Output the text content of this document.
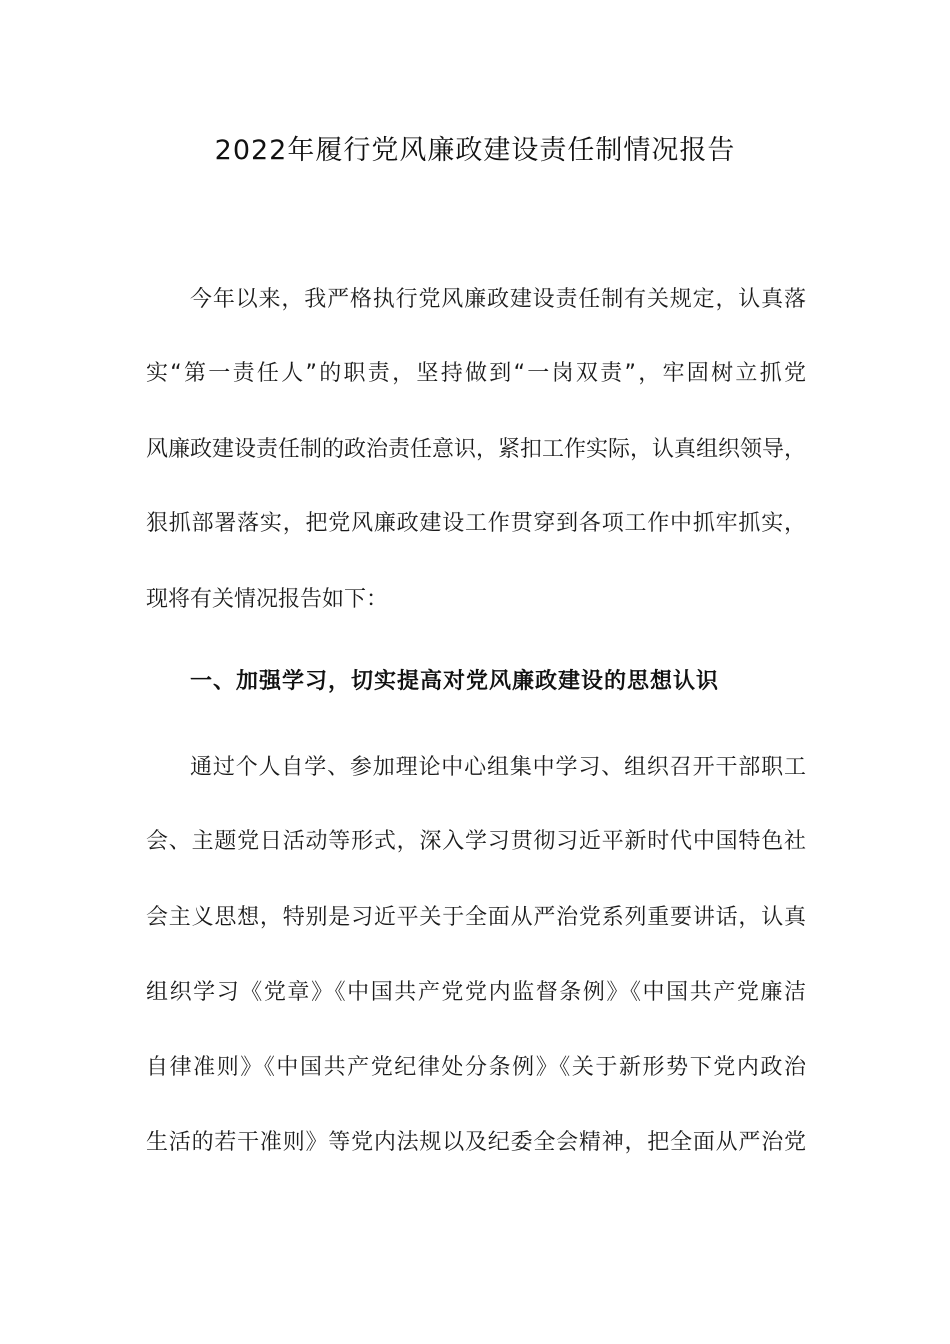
2022年履行党风廉政建设责任制情况报告
今年以来，我严格执行党风廉政建设责任制有关规定，认真落
实“第一责任人”的职责，坚持做到“一岗双责”，牢固树立抓党
风廉政建设责任制的政治责任意识，紧扣工作实际，认真组织领导，
狠抓部署落实，把党风廉政建设工作贯穿到各项工作中抓牢抓实，
现将有关情况报告如下：
一、加强学习，切实提高对党风廉政建设的思想认识
通过个人自学、参加理论中心组集中学习、组织召开干部职工
会、主题党日活动等形式，深入学习贯彻习近平新时代中国特色社
会主义思想，特别是习近平关于全面从严治党系列重要讲话，认真
组织学习《党章》《中国共产党党内监督条例》《中国共产党廉洁
自律准则》《中国共产党纪律处分条例》《关于新形势下党内政治
生活的若干准则》等党内法规以及纪委全会精神，把全面从严治党
